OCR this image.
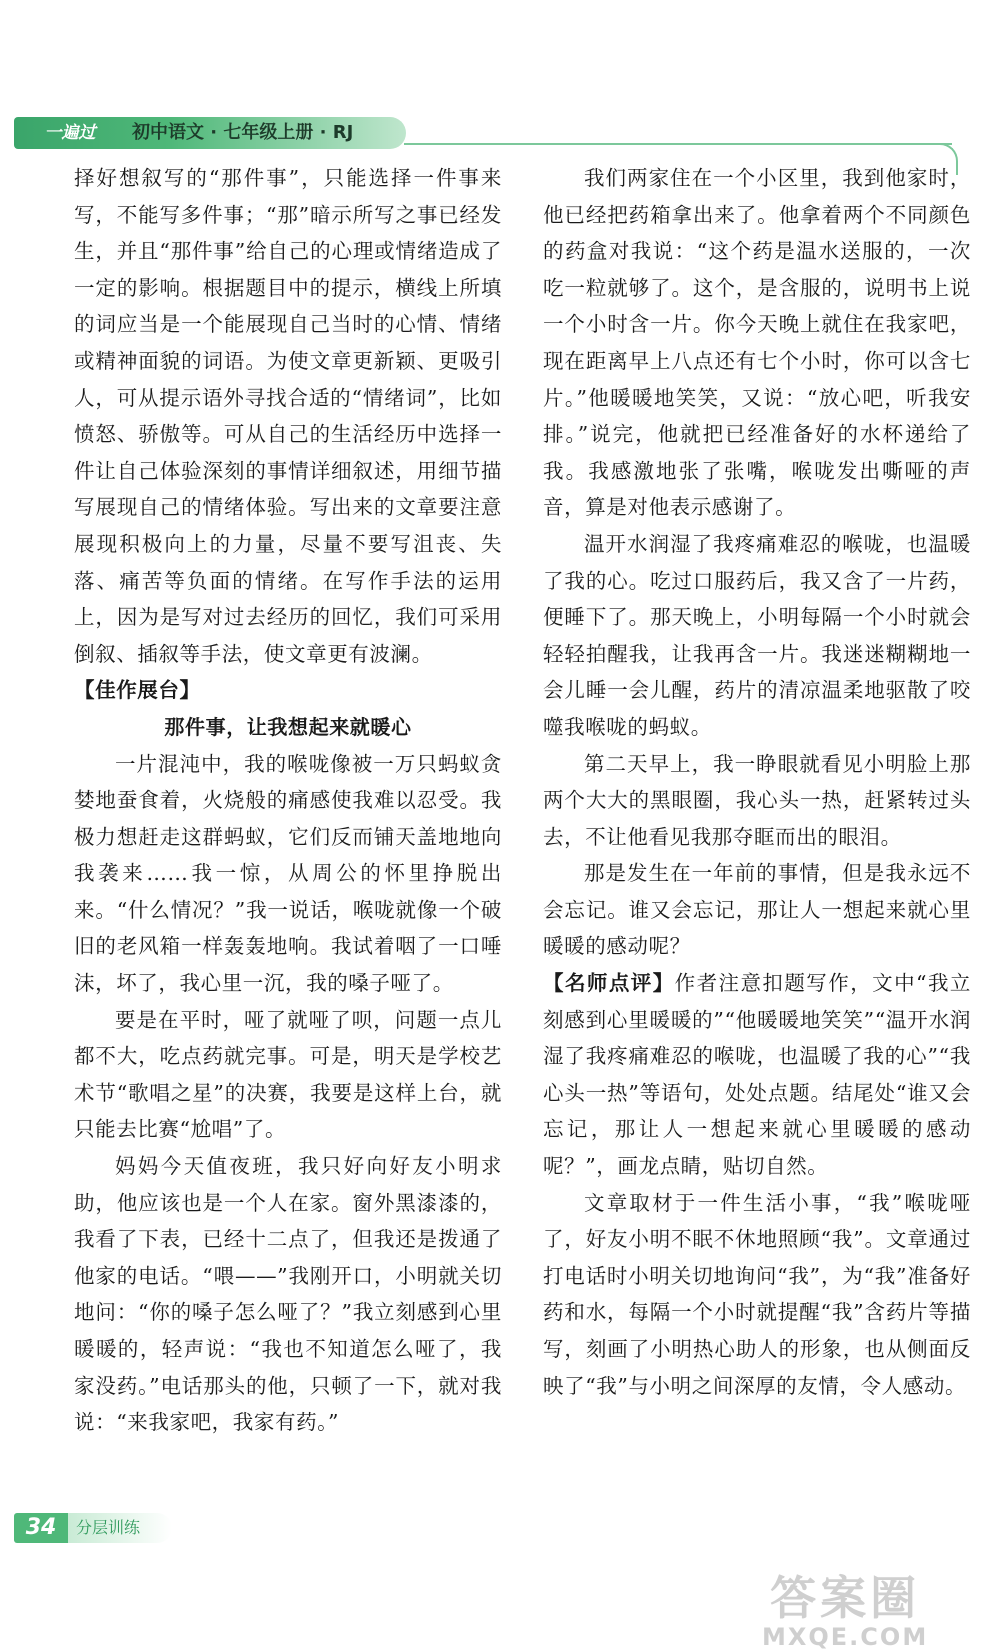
一遍过	初中语文 · 七年级上册 · RJ

择好想叙写的“那件事”，只能选择一件事来写，不能写多件事；“那”暗示所写之事已经发生，并且“那件事”给自己的心理或情绪造成了一定的影响。根据题目中的提示，横线上所填的词应当是一个能展现自己当时的心情、情绪或精神面貌的词语。为使文章更新颖、更吸引人，可从提示语外寻找合适的“情绪词”，比如愤怒、骄傲等。可从自己的生活经历中选择一件让自己体验深刻的事情详细叙述，用细节描写展现自己的情绪体验。写出来的文章要注意展现积极向上的力量，尽量不要写沮丧、失落、痛苦等负面的情绪。在写作手法的运用上，因为是写对过去经历的回忆，我们可采用倒叙、插叙等手法，使文章更有波澜。

【佳作展台】

那件事，让我想起来就暖心

一片混沌中，我的喉咙像被一万只蚂蚁贪婪地蚕食着，火烧般的痛感使我难以忍受。我极力想赶走这群蚂蚁，它们反而铺天盖地地向我袭来……我一惊，从周公的怀里挣脱出来。“什么情况？”我一说话，喉咙就像一个破旧的老风箱一样轰轰地响。我试着咽了一口唾沫，坏了，我心里一沉，我的嗓子哑了。

要是在平时，哑了就哑了呗，问题一点儿都不大，吃点药就完事。可是，明天是学校艺术节“歌唱之星”的决赛，我要是这样上台，就只能去比赛“尬唱”了。

妈妈今天值夜班，我只好向好友小明求助，他应该也是一个人在家。窗外黑漆漆的，我看了下表，已经十二点了，但我还是拨通了他家的电话。“喂——”我刚开口，小明就关切地问：“你的嗓子怎么哑了？”我立刻感到心里暖暖的，轻声说：“我也不知道怎么哑了，我家没药。”电话那头的他，只顿了一下，就对我说：“来我家吧，我家有药。”

我们两家住在一个小区里，我到他家时，他已经把药箱拿出来了。他拿着两个不同颜色的药盒对我说：“这个药是温水送服的，一次吃一粒就够了。这个，是含服的，说明书上说一个小时含一片。你今天晚上就住在我家吧，现在距离早上八点还有七个小时，你可以含七片。”他暖暖地笑笑，又说：“放心吧，听我安排。”说完，他就把已经准备好的水杯递给了我。我感激地张了张嘴，喉咙发出嘶哑的声音，算是对他表示感谢了。

温开水润湿了我疼痛难忍的喉咙，也温暖了我的心。吃过口服药后，我又含了一片药，便睡下了。那天晚上，小明每隔一个小时就会轻轻拍醒我，让我再含一片。我迷迷糊糊地一会儿睡一会儿醒，药片的清凉温柔地驱散了咬噬我喉咙的蚂蚁。

第二天早上，我一睁眼就看见小明脸上那两个大大的黑眼圈，我心头一热，赶紧转过头去，不让他看见我那夺眶而出的眼泪。

那是发生在一年前的事情，但是我永远不会忘记。谁又会忘记，那让人一想起来就心里暖暖的感动呢？

【名师点评】作者注意扣题写作，文中“我立刻感到心里暖暖的”“他暖暖地笑笑”“温开水润湿了我疼痛难忍的喉咙，也温暖了我的心”“我心头一热”等语句，处处点题。结尾处“谁又会忘记，那让人一想起来就心里暖暖的感动呢？”，画龙点睛，贴切自然。

文章取材于一件生活小事，“我”喉咙哑了，好友小明不眠不休地照顾“我”。文章通过打电话时小明关切地询问“我”，为“我”准备好药和水，每隔一个小时就提醒“我”含药片等描写，刻画了小明热心助人的形象，也从侧面反映了“我”与小明之间深厚的友情，令人感动。

34	分层训练
答案圈
MXQE.COM
